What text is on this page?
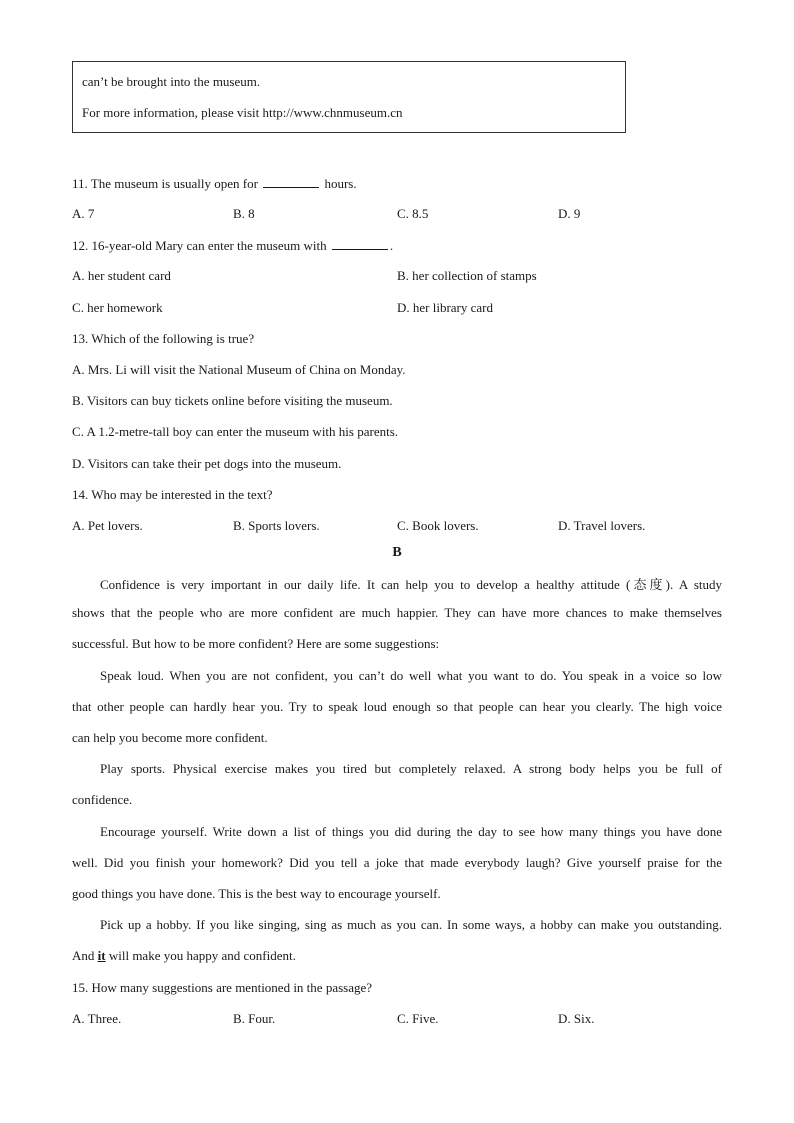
can’t be brought into the museum.
For more information, please visit http://www.chnmuseum.cn
11. The museum is usually open for	hours.
A. 7	B. 8	C. 8.5	D. 9
12. 16-year-old Mary can enter the museum with	.
A. her student card	B. her collection of stamps
C. her homework	D. her library card
13. Which of the following is true?
A. Mrs. Li will visit the National Museum of China on Monday.
B. Visitors can buy tickets online before visiting the museum.
C. A 1.2-metre-tall boy can enter the museum with his parents.
D. Visitors can take their pet dogs into the museum.
14. Who may be interested in the text?
A. Pet lovers.	B. Sports lovers.	C. Book lovers.	D. Travel lovers.
B
Confidence is very important in our daily life. It can help you to develop a healthy attitude (态度). A study
shows that the people who are more confident are much happier. They can have more chances to make themselves
successful. But how to be more confident? Here are some suggestions:
Speak loud. When you are not confident, you can’t do well what you want to do. You speak in a voice so low
that other people can hardly hear you. Try to speak loud enough so that people can hear you clearly. The high voice
can help you become more confident.
Play sports. Physical exercise makes you tired but completely relaxed. A strong body helps you be full of
confidence.
Encourage yourself. Write down a list of things you did during the day to see how many things you have done
well. Did you finish your homework? Did you tell a joke that made everybody laugh? Give yourself praise for the
good things you have done. This is the best way to encourage yourself.
Pick up a hobby. If you like singing, sing as much as you can. In some ways, a hobby can make you outstanding.
And it will make you happy and confident.
15. How many suggestions are mentioned in the passage?
A. Three.	B. Four.	C. Five.	D. Six.
